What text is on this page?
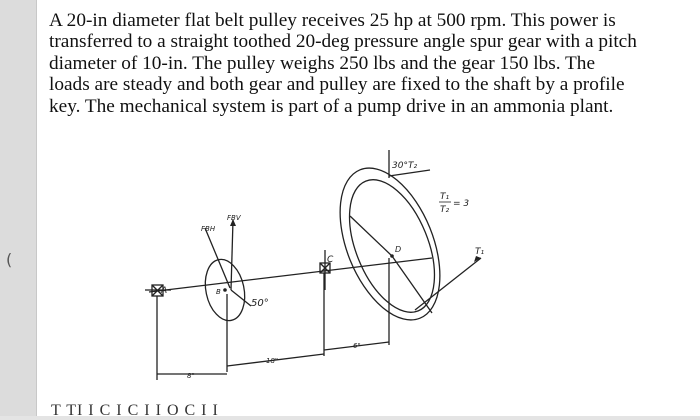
(

A 20-in diameter flat belt pulley receives 25 hp at 500 rpm. This power is transferred to a straight toothed 20-deg pressure angle spur gear with a pitch diameter of 10-in. The pulley weighs 250 lbs and the gear 150 lbs. The loads are steady and both gear and pulley are fixed to the shaft by a profile key. The mechanical system is part of a pump drive in an ammonia plant.

30° T₂
T₁
T₂
= 3
T₁
FBV
FBH
A	B
C
D
50°
8"
18"
6"
T TI I C I C I I O C I I
